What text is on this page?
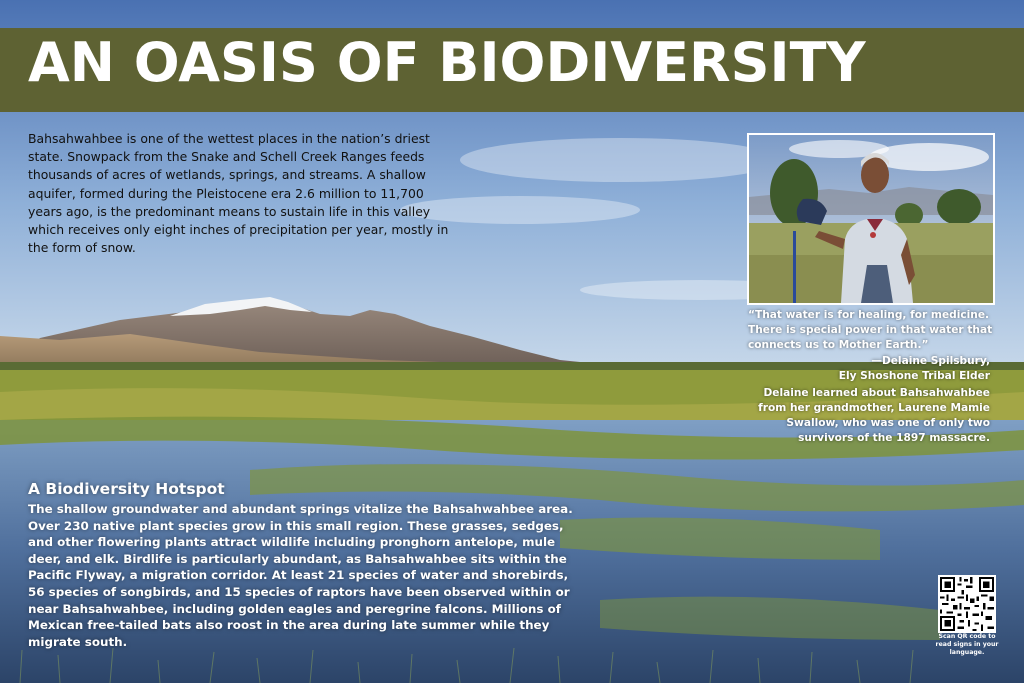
AN OASIS OF BIODIVERSITY
Bahsahwahbee is one of the wettest places in the nation’s driest state. Snowpack from the Snake and Schell Creek Ranges feeds thousands of acres of wetlands, springs, and streams. A shallow aquifer, formed during the Pleistocene era 2.6 million to 11,700 years ago, is the predominant means to sustain life in this valley which receives only eight inches of precipitation per year, mostly in the form of snow.
“That water is for healing, for medicine. There is special power in that water that connects us to Mother Earth.”
—Delaine Spilsbury,
Ely Shoshone Tribal Elder
Delaine learned about Bahsahwahbee from her grandmother, Laurene Mamie Swallow, who was one of only two survivors of the 1897 massacre.
A Biodiversity Hotspot
The shallow groundwater and abundant springs vitalize the Bahsahwahbee area. Over 230 native plant species grow in this small region. These grasses, sedges, and other flowering plants attract wildlife including pronghorn antelope, mule deer, and elk. Birdlife is particularly abundant, as Bahsahwahbee sits within the Pacific Flyway, a migration corridor. At least 21 species of water and shorebirds, 56 species of songbirds, and 15 species of raptors have been observed within or near Bahsahwahbee, including golden eagles and peregrine falcons. Millions of Mexican free-tailed bats also roost in the area during late summer while they migrate south.	Scan QR code to read signs in your language.
